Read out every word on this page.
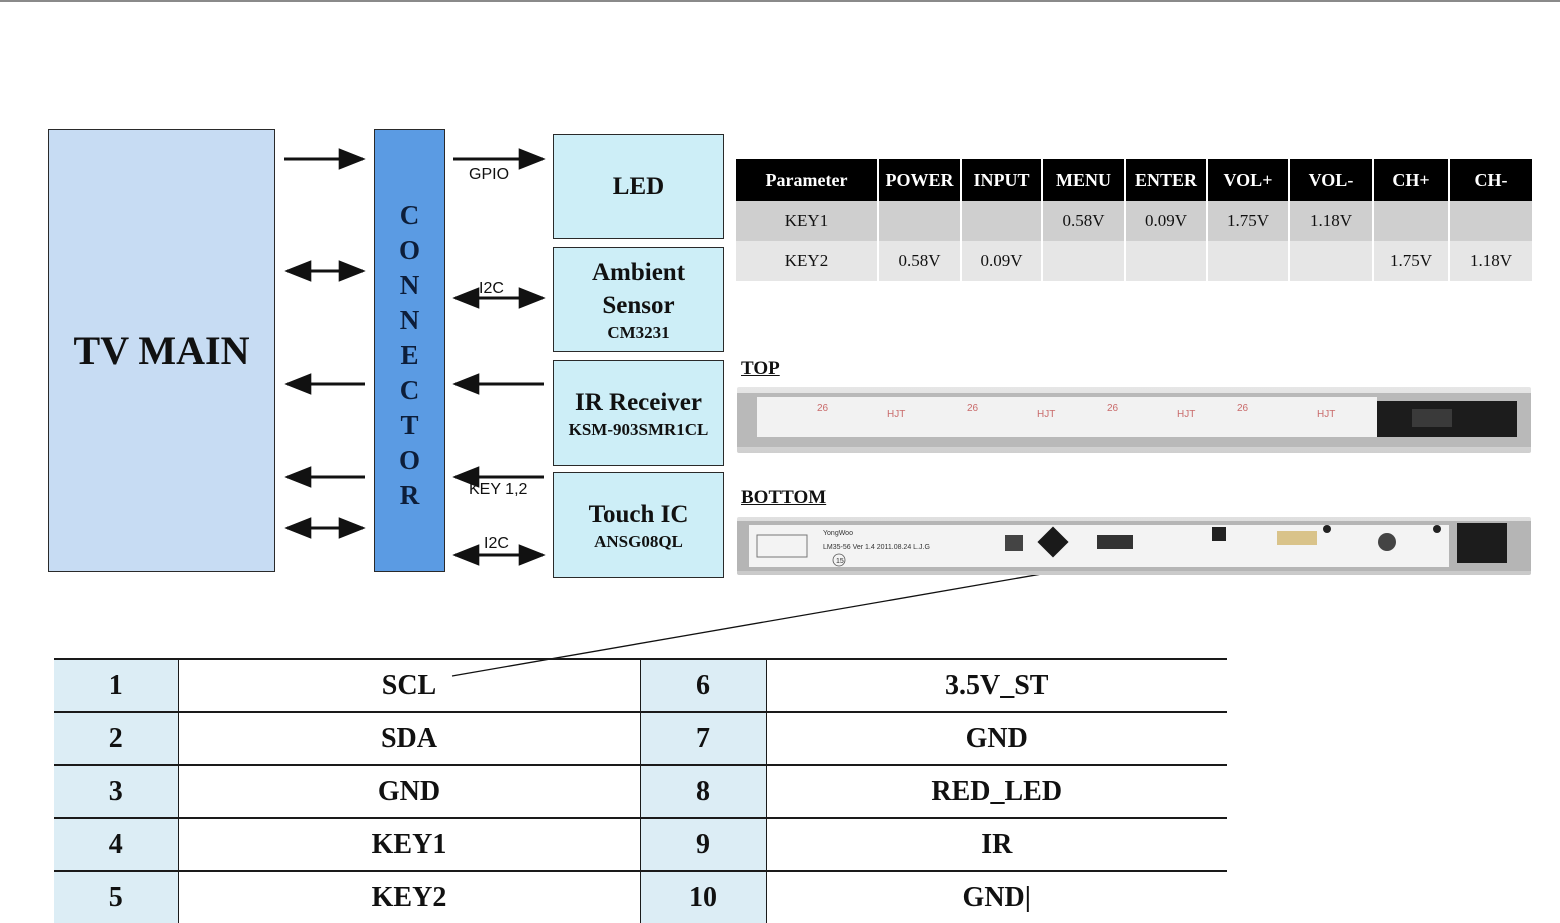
TV MAIN
C
O
N
N
E
C
T
O
R
LED
Ambient
Sensor
CM3231
IR Receiver
KSM-903SMR1CL
Touch IC
ANSG08QL
GPIO
I2C
KEY 1,2
I2C
Parameter	POWER	INPUT	MENU	ENTER	VOL+	VOL-	CH+	CH-
KEY1			0.58V	0.09V	1.75V	1.18V		
KEY2	0.58V	0.09V					1.75V	1.18V
TOP
26
HJT
26
HJT
26
HJT
26
HJT
BOTTOM
YongWoo
LM35-56 Ver 1.4 2011.08.24 L.J.G
15
1	SCL	6	3.5V_ST
2	SDA	7	GND
3	GND	8	RED_LED
4	KEY1	9	IR
5	KEY2	10	GND|
